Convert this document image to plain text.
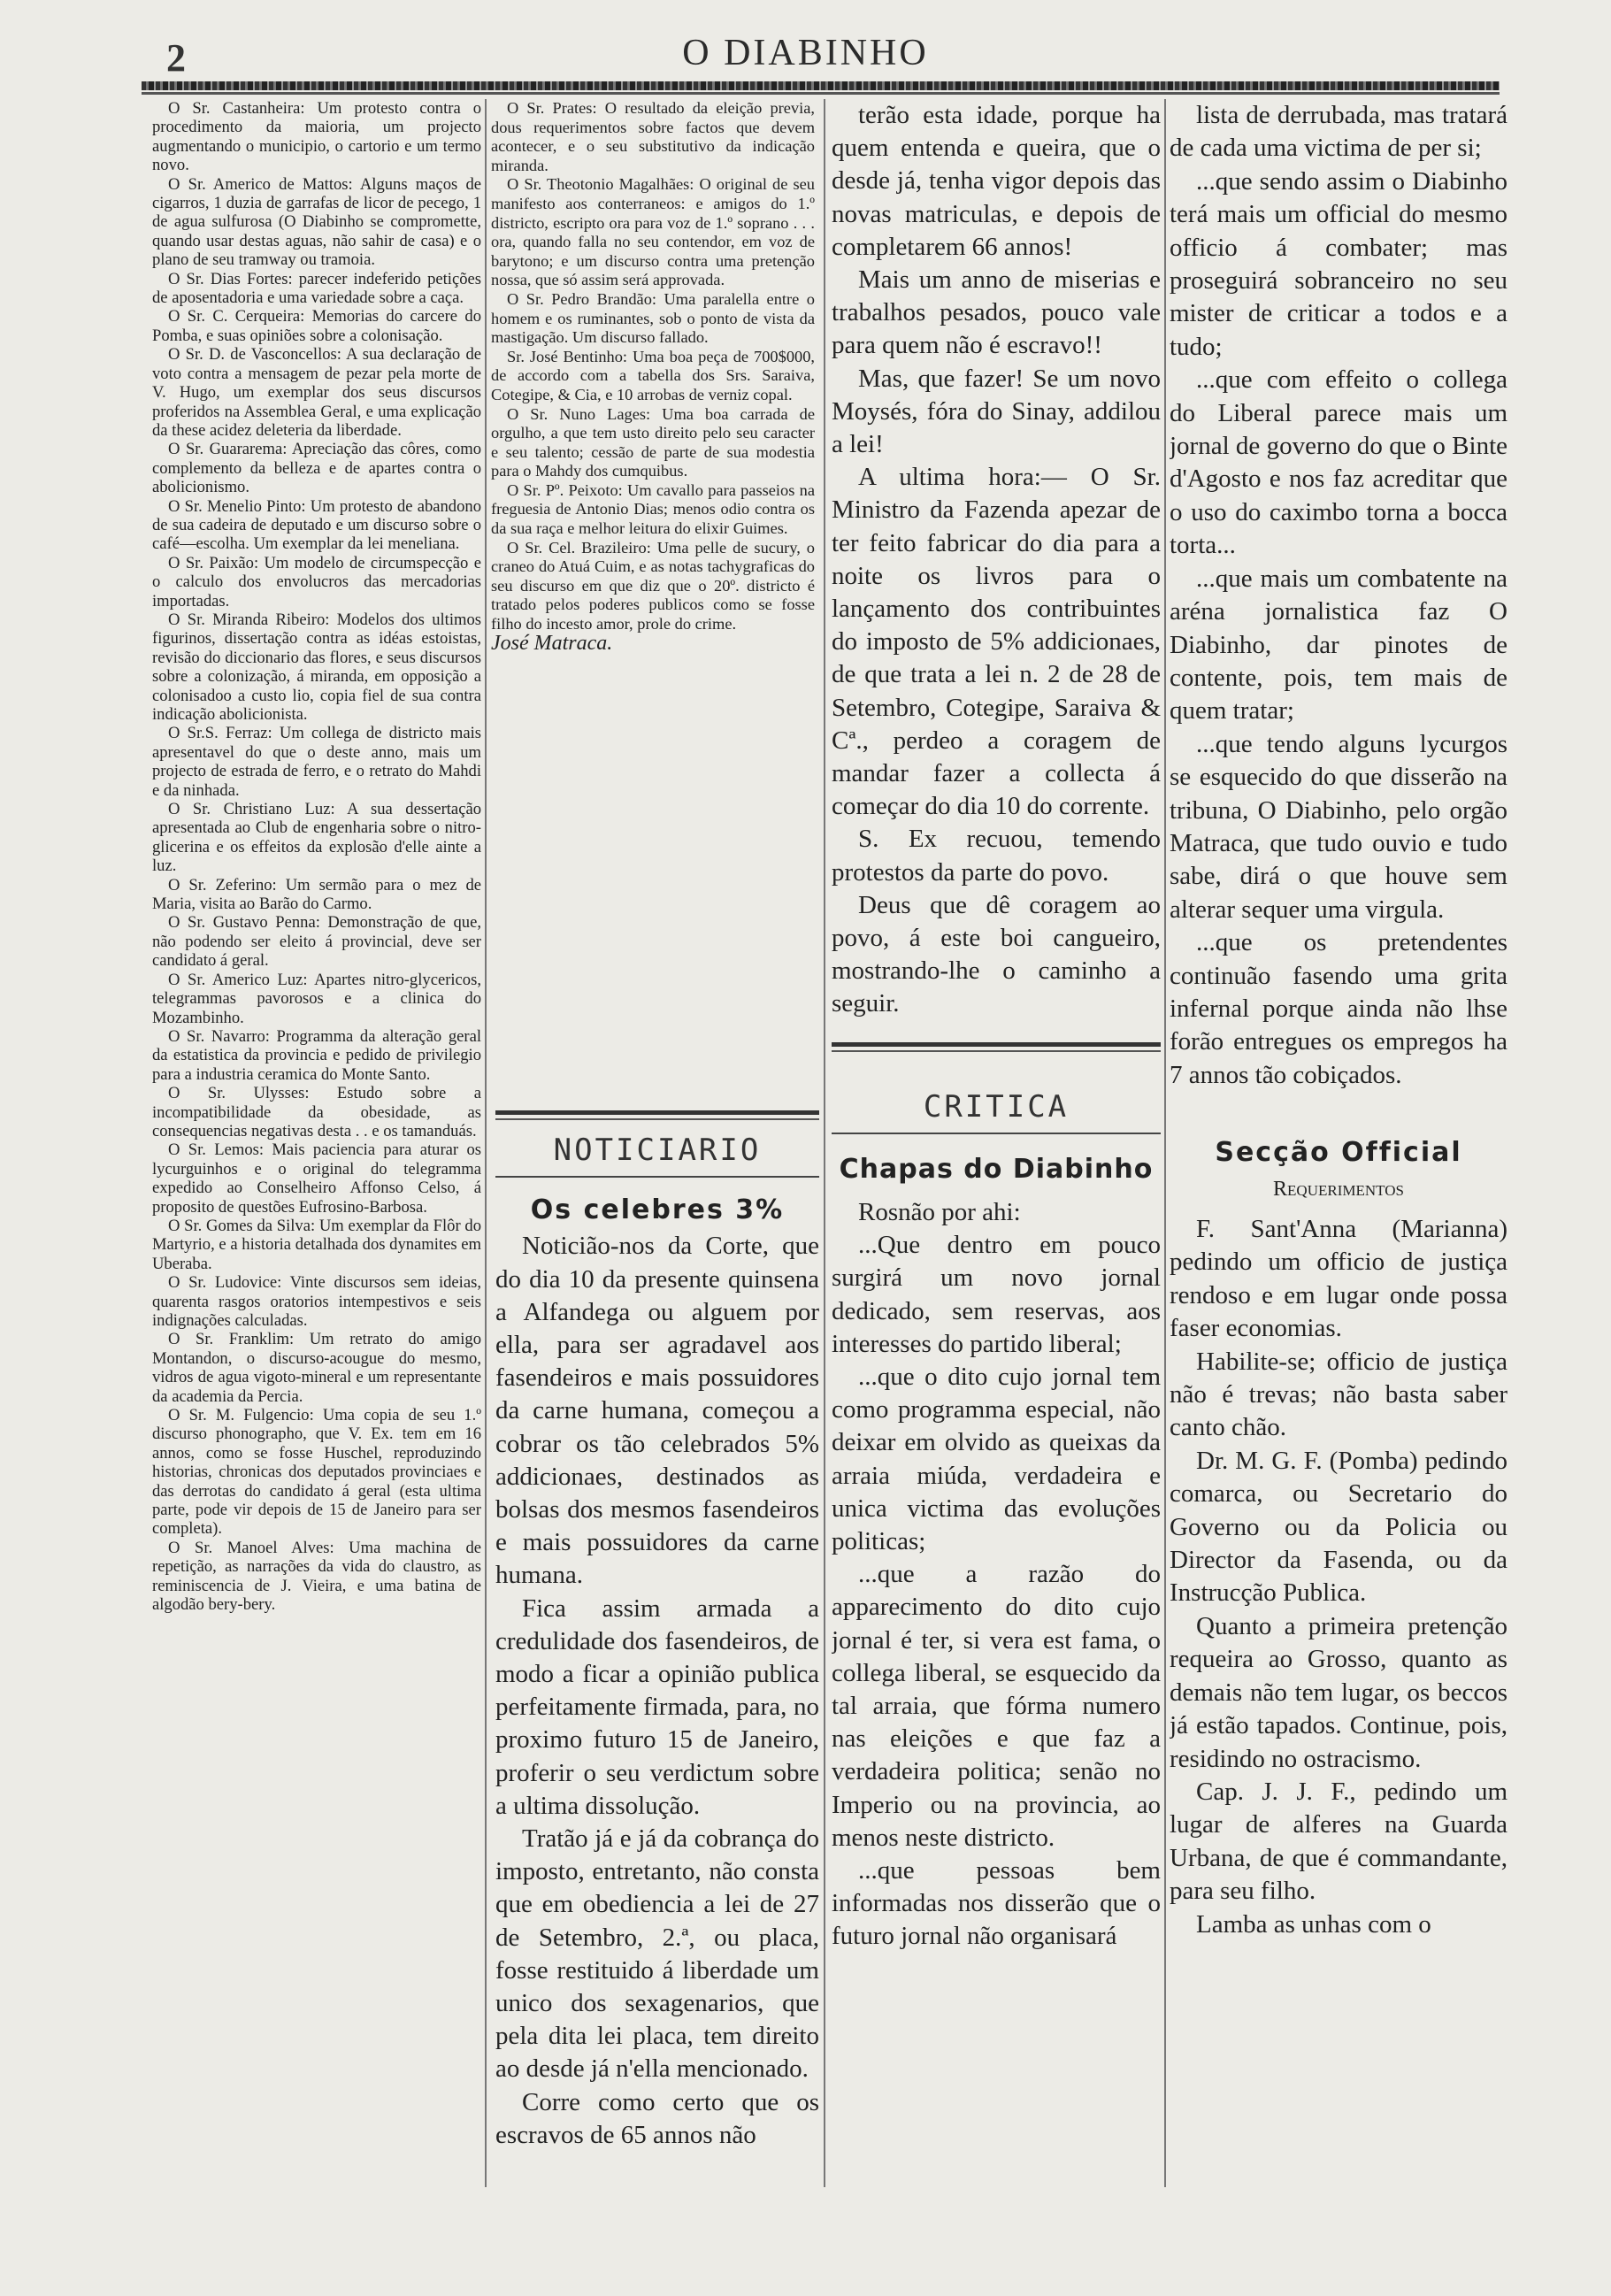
2	O DIABINHO

O Sr. Castanheira: Um protesto contra o procedimento da maioria, um projecto augmentando o municipio, o cartorio e um termo novo.

O Sr. Americo de Mattos: Alguns maços de cigarros, 1 duzia de garrafas de licor de pecego, 1 de agua sulfurosa (O Diabinho se compromette, quando usar destas aguas, não sahir de casa) e o plano de seu tramway ou tramoia.

O Sr. Dias Fortes: parecer indeferido petições de aposentadoria e uma variedade sobre a caça.

O Sr. C. Cerqueira: Memorias do carcere do Pomba, e suas opiniões sobre a colonisação.

O Sr. D. de Vasconcellos: A sua declaração de voto contra a mensagem de pezar pela morte de V. Hugo, um exemplar dos seus discursos proferidos na Assemblea Geral, e uma explicação da these acidez deleteria da liberdade.

O Sr. Guararema: Apreciação das côres, como complemento da belleza e de apartes contra o abolicionismo.

O Sr. Menelio Pinto: Um protesto de abandono de sua cadeira de deputado e um discurso sobre o café—escolha. Um exemplar da lei meneliana.

O Sr. Paixão: Um modelo de circumspecção e o calculo dos envolucros das mercadorias importadas.

O Sr. Miranda Ribeiro: Modelos dos ultimos figurinos, dissertação contra as idéas estoistas, revisão do diccionario das flores, e seus discursos sobre a colonização, á miranda, em opposição a colonisadoo a custo lio, copia fiel de sua contra indicação abolicionista.

O Sr.S. Ferraz: Um collega de districto mais apresentavel do que o deste anno, mais um projecto de estrada de ferro, e o retrato do Mahdi e da ninhada.

O Sr. Christiano Luz: A sua dessertação apresentada ao Club de engenharia sobre o nitro-glicerina e os effeitos da explosão d'elle ainte a luz.

O Sr. Zeferino: Um sermão para o mez de Maria, visita ao Barão do Carmo.

O Sr. Gustavo Penna: Demonstração de que, não podendo ser eleito á provincial, deve ser candidato á geral.

O Sr. Americo Luz: Apartes nitro-glycericos, telegrammas pavorosos e a clinica do Mozambinho.

O Sr. Navarro: Programma da alteração geral da estatistica da provincia e pedido de privilegio para a industria ceramica do Monte Santo.

O Sr. Ulysses: Estudo sobre a incompatibilidade da obesidade, as consequencias negativas desta . . e os tamanduás.

O Sr. Lemos: Mais paciencia para aturar os lycurguinhos e o original do telegramma expedido ao Conselheiro Affonso Celso, á proposito de questões Eufrosino-Barbosa.

O Sr. Gomes da Silva: Um exemplar da Flôr do Martyrio, e a historia detalhada dos dynamites em Uberaba.

O Sr. Ludovice: Vinte discursos sem ideias, quarenta rasgos oratorios intempestivos e seis indignações calculadas.

O Sr. Franklim: Um retrato do amigo Montandon, o discurso-acougue do mesmo, vidros de agua vigoto-mineral e um representante da academia da Percia.

O Sr. M. Fulgencio: Uma copia de seu 1.º discurso phonographo, que V. Ex. tem em 16 annos, como se fosse Huschel, reproduzindo historias, chronicas dos deputados provinciaes e das derrotas do candidato á geral (esta ultima parte, pode vir depois de 15 de Janeiro para ser completa).

O Sr. Manoel Alves: Uma machina de repetição, as narrações da vida do claustro, as reminiscencia de J. Vieira, e uma batina de algodão bery-bery.

O Sr. Prates: O resultado da eleição previa, dous requerimentos sobre factos que devem acontecer, e o seu substitutivo da indicação miranda.

O Sr. Theotonio Magalhães: O original de seu manifesto aos conterraneos: e amigos do 1.º districto, escripto ora para voz de 1.º soprano . . . ora, quando falla no seu contendor, em voz de barytono; e um discurso contra uma pretenção nossa, que só assim será approvada.

O Sr. Pedro Brandão: Uma paralella entre o homem e os ruminantes, sob o ponto de vista da mastigação. Um discurso fallado.

Sr. José Bentinho: Uma boa peça de 700$000, de accordo com a tabella dos Srs. Saraiva, Cotegipe, & Cia, e 10 arrobas de verniz copal.

O Sr. Nuno Lages: Uma boa carrada de orgulho, a que tem usto direito pelo seu caracter e seu talento; cessão de parte de sua modestia para o Mahdy dos cumquibus.

O Sr. Pº. Peixoto: Um cavallo para passeios na freguesia de Antonio Dias; menos odio contra os da sua raça e melhor leitura do elixir Guimes.

O Sr. Cel. Brazileiro: Uma pelle de sucury, o craneo do Atuá Cuim, e as notas tachygraficas do seu discurso em que diz que o 20º. districto é tratado pelos poderes publicos como se fosse filho do incesto amor, prole do crime.

José Matraca.

NOTICIARIO
Os celebres 3%

Noticião-nos da Corte, que do dia 10 da presente quinsena a Alfandega ou alguem por ella, para ser agradavel aos fasendeiros e mais possuidores da carne humana, começou a cobrar os tão celebrados 5% addicionaes, destinados as bolsas dos mesmos fasendeiros e mais possuidores da carne humana.

Fica assim armada a credulidade dos fasendeiros, de modo a ficar a opinião publica perfeitamente firmada, para, no proximo futuro 15 de Janeiro, proferir o seu verdictum sobre a ultima dissolução.

Tratão já e já da cobrança do imposto, entretanto, não consta que em obediencia a lei de 27 de Setembro, 2.ª, ou placa, fosse restituido á liberdade um unico dos sexagenarios, que pela dita lei placa, tem direito ao desde já n'ella mencionado.

Corre como certo que os escravos de 65 annos não

terão esta idade, porque ha quem entenda e queira, que o desde já, tenha vigor depois das novas matriculas, e depois de completarem 66 annos!

Mais um anno de miserias e trabalhos pesados, pouco vale para quem não é escravo!!

Mas, que fazer! Se um novo Moysés, fóra do Sinay, addilou a lei!

A ultima hora:— O Sr. Ministro da Fazenda apezar de ter feito fabricar do dia para a noite os livros para o lançamento dos contribuintes do imposto de 5% addicionaes, de que trata a lei n. 2 de 28 de Setembro, Cotegipe, Saraiva & Cª., perdeo a coragem de mandar fazer a collecta á começar do dia 10 do corrente.

S. Ex recuou, temendo protestos da parte do povo.

Deus que dê coragem ao povo, á este boi cangueiro, mostrando-lhe o caminho a seguir.

CRITICA
Chapas do Diabinho

Rosnão por ahi:

...Que dentro em pouco surgirá um novo jornal dedicado, sem reservas, aos interesses do partido liberal;

...que o dito cujo jornal tem como programma especial, não deixar em olvido as queixas da arraia miúda, verdadeira e unica victima das evoluções politicas;

...que a razão do apparecimento do dito cujo jornal é ter, si vera est fama, o collega liberal, se esquecido da tal arraia, que fórma numero nas eleições e que faz a verdadeira politica; senão no Imperio ou na provincia, ao menos neste districto.

...que pessoas bem informadas nos disserão que o futuro jornal não organisará

lista de derrubada, mas tratará de cada uma victima de per si;

...que sendo assim o Diabinho terá mais um official do mesmo officio á combater; mas proseguirá sobranceiro no seu mister de criticar a todos e a tudo;

...que com effeito o collega do Liberal parece mais um jornal de governo do que o Binte d'Agosto e nos faz acreditar que o uso do caximbo torna a bocca torta...

...que mais um combatente na aréna jornalistica faz O Diabinho, dar pinotes de contente, pois, tem mais de quem tratar;

...que tendo alguns lycurgos se esquecido do que disserão na tribuna, O Diabinho, pelo orgão Matraca, que tudo ouvio e tudo sabe, dirá o que houve sem alterar sequer uma virgula.

...que os pretendentes continuão fasendo uma grita infernal porque ainda não lhse forão entregues os empregos ha 7 annos tão cobiçados.

Secção Official
Requerimentos

F. Sant'Anna (Marianna) pedindo um officio de justiça rendoso e em lugar onde possa faser economias.

Habilite-se; officio de justiça não é trevas; não basta saber canto chão.

Dr. M. G. F. (Pomba) pedindo comarca, ou Secretario do Governo ou da Policia ou Director da Fasenda, ou da Instrucção Publica.

Quanto a primeira pretenção requeira ao Grosso, quanto as demais não tem lugar, os beccos já estão tapados. Continue, pois, residindo no ostracismo.

Cap. J. J. F., pedindo um lugar de alferes na Guarda Urbana, de que é commandante, para seu filho.

Lamba as unhas com o
